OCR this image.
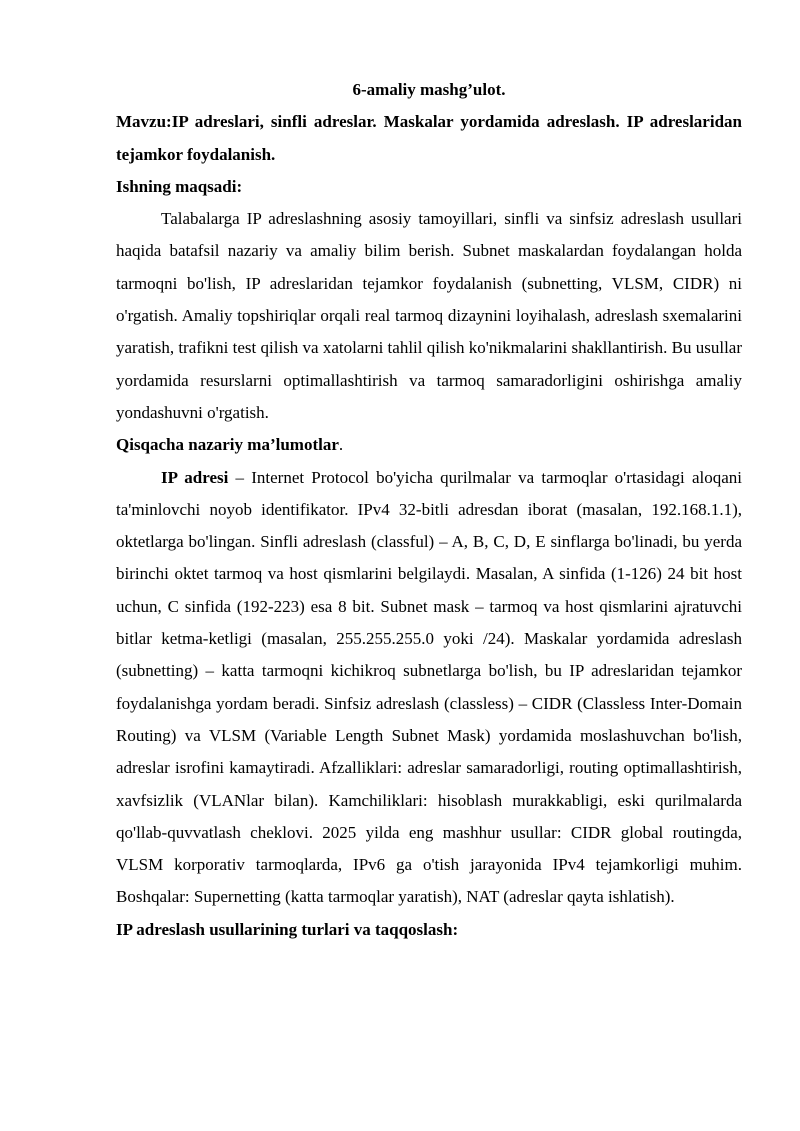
6-amaliy mashg’ulot.

Mavzu:IP adreslari, sinfli adreslar. Maskalar yordamida adreslash. IP adreslaridan tejamkor foydalanish.

Ishning maqsadi:

Talabalarga IP adreslashning asosiy tamoyillari, sinfli va sinfsiz adreslash usullari haqida batafsil nazariy va amaliy bilim berish. Subnet maskalardan foydalangan holda tarmoqni bo'lish, IP adreslaridan tejamkor foydalanish (subnetting, VLSM, CIDR) ni o'rgatish. Amaliy topshiriqlar orqali real tarmoq dizaynini loyihalash, adreslash sxemalarini yaratish, trafikni test qilish va xatolarni tahlil qilish ko'nikmalarini shakllantirish. Bu usullar yordamida resurslarni optimallashtirish va tarmoq samaradorligini oshirishga amaliy yondashuvni o'rgatish.

Qisqacha nazariy ma’lumotlar.

IP adresi – Internet Protocol bo'yicha qurilmalar va tarmoqlar o'rtasidagi aloqani ta'minlovchi noyob identifikator. IPv4 32-bitli adresdan iborat (masalan, 192.168.1.1), oktetlarga bo'lingan. Sinfli adreslash (classful) – A, B, C, D, E sinflarga bo'linadi, bu yerda birinchi oktet tarmoq va host qismlarini belgilaydi. Masalan, A sinfida (1-126) 24 bit host uchun, C sinfida (192-223) esa 8 bit. Subnet mask – tarmoq va host qismlarini ajratuvchi bitlar ketma-ketligi (masalan, 255.255.255.0 yoki /24). Maskalar yordamida adreslash (subnetting) – katta tarmoqni kichikroq subnetlarga bo'lish, bu IP adreslaridan tejamkor foydalanishga yordam beradi. Sinfsiz adreslash (classless) – CIDR (Classless Inter-Domain Routing) va VLSM (Variable Length Subnet Mask) yordamida moslashuvchan bo'lish, adreslar isrofini kamaytiradi. Afzalliklari: adreslar samaradorligi, routing optimallashtirish, xavfsizlik (VLANlar bilan). Kamchiliklari: hisoblash murakkabligi, eski qurilmalarda qo'llab-quvvatlash cheklovi. 2025 yilda eng mashhur usullar: CIDR global routingda, VLSM korporativ tarmoqlarda, IPv6 ga o'tish jarayonida IPv4 tejamkorligi muhim. Boshqalar: Supernetting (katta tarmoqlar yaratish), NAT (adreslar qayta ishlatish).

IP adreslash usullarining turlari va taqqoslash:
